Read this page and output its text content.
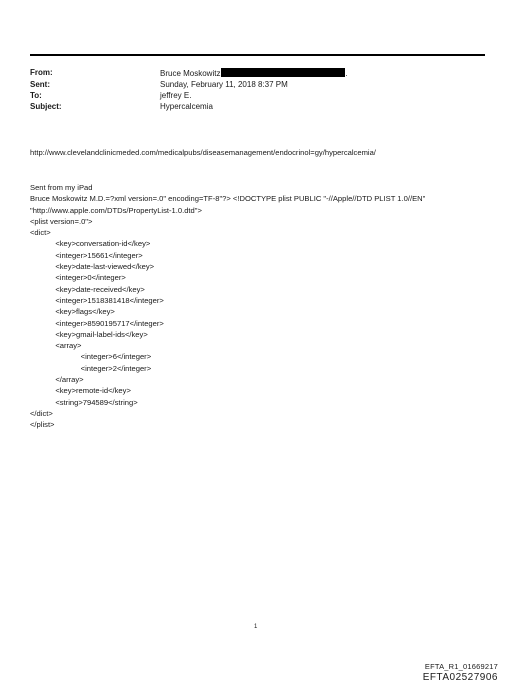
From:	Bruce Moskowitz	.
Sent:	Sunday, February 11, 2018 8:37 PM
To:	jeffrey E.
Subject:	Hypercalcemia
http://www.clevelandclinicmeded.com/medicalpubs/diseasemanagement/endocrinol=gy/hypercalcemia/
Sent from my iPad
Bruce Moskowitz M.D.=?xml version=.0" encoding=TF-8"?> <!DOCTYPE plist PUBLIC "-//Apple//DTD PLIST 1.0//EN"
"http://www.apple.com/DTDs/PropertyList-1.0.dtd">
<plist version=.0">
<dict>
<key>conversation-id</key>
<integer>15661</integer>
<key>date-last-viewed</key>
<integer>0</integer>
<key>date-received</key>
<integer>1518381418</integer>
<key>flags</key>
<integer>8590195717</integer>
<key>gmail-label-ids</key>
<array>
<integer>6</integer>
<integer>2</integer>
</array>
<key>remote-id</key>
<string>794589</string>
</dict>
</plist>
1
EFTA_R1_01669217
EFTA02527906
